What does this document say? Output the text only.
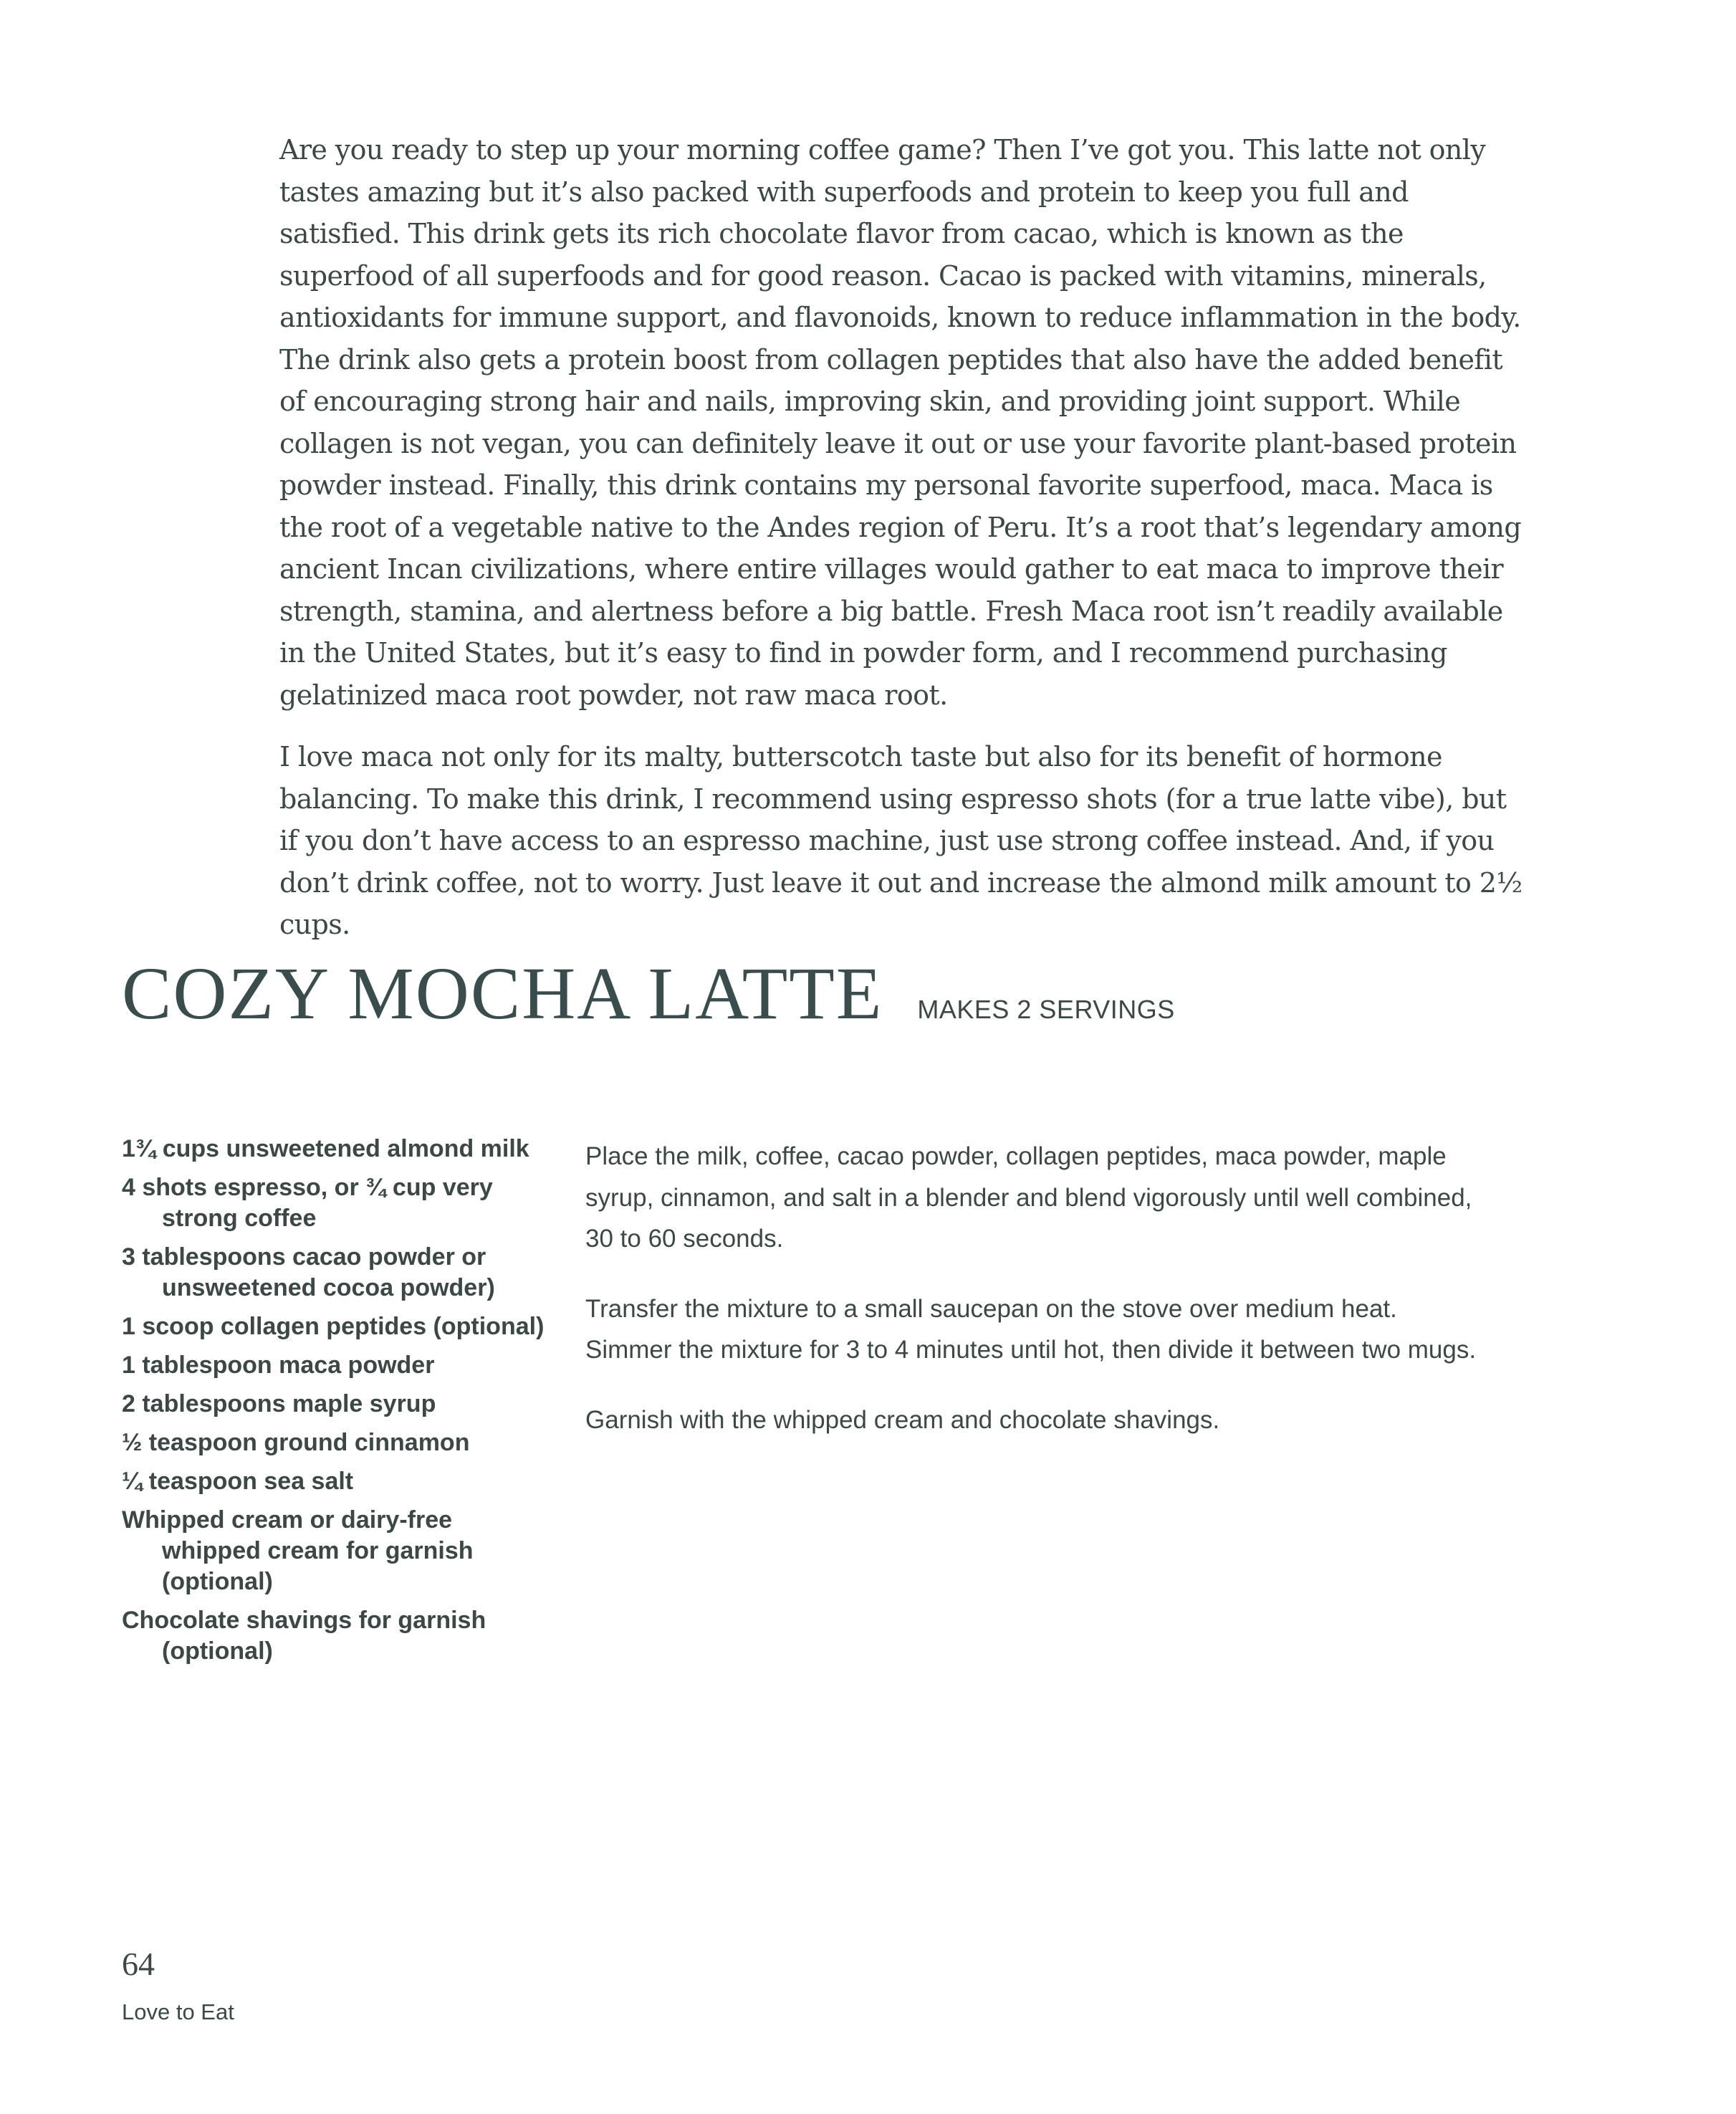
Are you ready to step up your morning coffee game? Then I’ve got you. This latte not only tastes amazing but it’s also packed with superfoods and protein to keep you full and satisfied. This drink gets its rich chocolate flavor from cacao, which is known as the superfood of all superfoods and for good reason. Cacao is packed with vitamins, minerals, antioxidants for immune support, and flavonoids, known to reduce inflammation in the body. The drink also gets a protein boost from collagen peptides that also have the added benefit of encouraging strong hair and nails, improving skin, and providing joint support. While collagen is not vegan, you can definitely leave it out or use your favorite plant-based protein powder instead. Finally, this drink contains my personal favorite superfood, maca. Maca is the root of a vegetable native to the Andes region of Peru. It’s a root that’s legendary among ancient Incan civilizations, where entire villages would gather to eat maca to improve their strength, stamina, and alertness before a big battle. Fresh Maca root isn’t readily available in the United States, but it’s easy to find in powder form, and I recommend purchasing gelatinized maca root powder, not raw maca root.

I love maca not only for its malty, butterscotch taste but also for its benefit of hormone balancing. To make this drink, I recommend using espresso shots (for a true latte vibe), but if you don’t have access to an espresso machine, just use strong coffee instead. And, if you don’t drink coffee, not to worry. Just leave it out and increase the almond milk amount to 2½ cups.

COZY MOCHA LATTE MAKES 2 SERVINGS
1¾ cups unsweetened almond milk
4 shots espresso, or ¾ cup very strong coffee
3 tablespoons cacao powder or unsweetened cocoa powder)
1 scoop collagen peptides (optional)
1 tablespoon maca powder
2 tablespoons maple syrup
½ teaspoon ground cinnamon
¼ teaspoon sea salt
Whipped cream or dairy-free whipped cream for garnish (optional)
Chocolate shavings for garnish (optional)

Place the milk, coffee, cacao powder, collagen peptides, maca powder, maple syrup, cinnamon, and salt in a blender and blend vigorously until well combined, 30 to 60 seconds.

Transfer the mixture to a small saucepan on the stove over medium heat. Simmer the mixture for 3 to 4 minutes until hot, then divide it between two mugs.

Garnish with the whipped cream and chocolate shavings.

64
Love to Eat
